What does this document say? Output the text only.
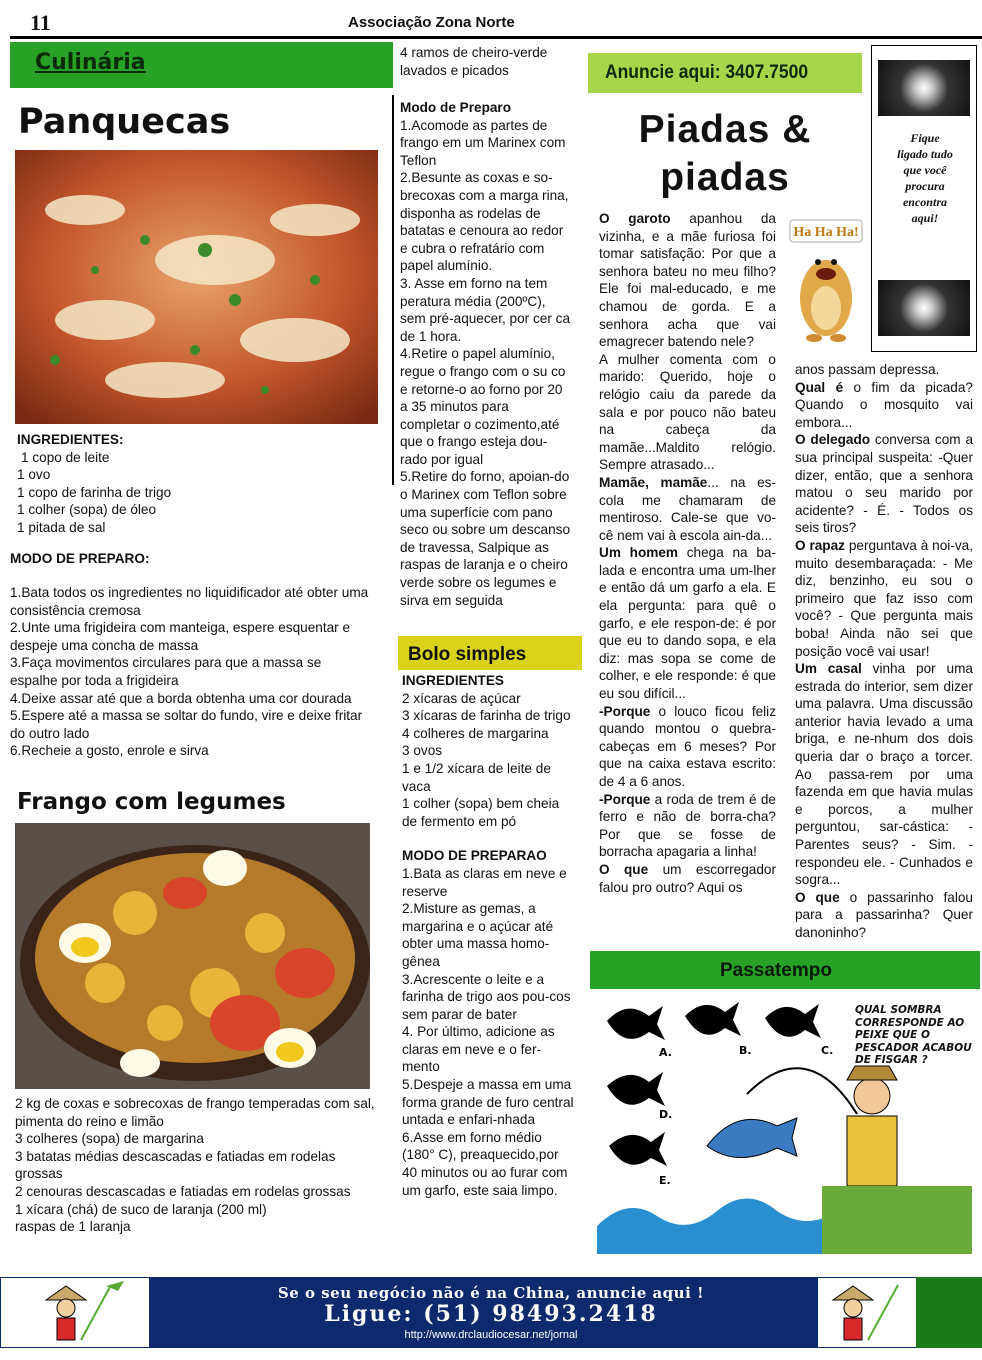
11	Associação Zona Norte
Culinária
Panquecas

INGREDIENTES:

1 copo de leite

1 ovo

1 copo de farinha de trigo

1 colher (sopa) de óleo

1 pitada de sal

MODO DE PREPARO:

1.Bata todos os ingredientes no liquidificador até obter uma consistência cremosa

2.Unte uma frigideira com manteiga, espere esquentar e despeje uma concha de massa

3.Faça movimentos circulares para que a massa se espalhe por toda a frigideira

4.Deixe assar até que a borda obtenha uma cor dourada

5.Espere até a massa se soltar do fundo, vire e deixe fritar do outro lado

6.Recheie a gosto, enrole e sirva

Frango com legumes

2 kg de coxas e sobrecoxas de frango temperadas com sal, pimenta do reino e limão

3 colheres (sopa) de margarina

3 batatas médias descascadas e fatiadas em rodelas grossas

2 cenouras descascadas e fatiadas em rodelas grossas

1 xícara (chá) de suco de laranja (200 ml)

raspas de 1 laranja

4 ramos de cheiro-verde lavados e picados

Modo de Preparo

1.Acomode as partes de frango em um Marinex com Teflon

2.Besunte as coxas e so-brecoxas com a marga rina, disponha as rodelas de batatas e cenoura ao redor e cubra o refratário com papel alumínio.

3. Asse em forno na tem peratura média (200ºC), sem pré-aquecer, por cer ca de 1 hora.

4.Retire o papel alumínio, regue o frango com o su co e retorne-o ao forno por 20 a 35 minutos para completar o cozimento,até que o frango esteja dou-rado por igual

5.Retire do forno, apoian-do o Marinex com Teflon sobre uma superfície com pano seco ou sobre um descanso de travessa, Salpique as raspas de laranja e o cheiro verde sobre os legumes e sirva em seguida

Bolo simples

INGREDIENTES

2 xícaras de açúcar

3 xícaras de farinha de trigo

4 colheres de margarina

3 ovos

1 e 1/2 xícara de leite de vaca

1 colher (sopa) bem cheia de fermento em pó

MODO DE PREPARAO

1.Bata as claras em neve e reserve

2.Misture as gemas, a margarina e o açúcar até obter uma massa homo-gênea

3.Acrescente o leite e a farinha de trigo aos pou-cos sem parar de bater

4. Por último, adicione as claras em neve e o fer-mento

5.Despeje a massa em uma forma grande de furo central untada e enfari-nhada

6.Asse em forno médio (180° C), preaquecido,por 40 minutos ou ao furar com um garfo, este saia limpo.

Anuncie aqui: 3407.7500
Fique ligado tudo que você procura encontra aqui!
Piadas & piadas
Ha Ha Ha!

O garoto apanhou da vizinha, e a mãe furiosa foi tomar satisfação: Por que a senhora bateu no meu filho? Ele foi mal-educado, e me chamou de gorda. E a senhora acha que vai emagrecer batendo nele?

A mulher comenta com o marido: Querido, hoje o relógio caiu da parede da sala e por pouco não bateu na cabeça da mamãe...Maldito relógio. Sempre atrasado...

Mamãe, mamãe... na es-cola me chamaram de mentiroso. Cale-se que vo-cê nem vai à escola ain-da...

Um homem chega na ba-lada e encontra uma um-lher e então dá um garfo a ela. E ela pergunta: para quê o garfo, e ele respon-de: é por que eu to dando sopa, e ela diz: mas sopa se come de colher, e ele responde: é que eu sou difícil...

-Porque o louco ficou feliz quando montou o quebra-cabeças em 6 meses? Por que na caixa estava escrito: de 4 a 6 anos.

-Porque a roda de trem é de ferro e não de borra-cha? Por que se fosse de borracha apagaria a linha!

O que um escorregador falou pro outro? Aqui os

anos passam depressa.

Qual é o fim da picada? Quando o mosquito vai embora...

O delegado conversa com a sua principal suspeita: -Quer dizer, então, que a senhora matou o seu marido por acidente? - É. - Todos os seis tiros?

O rapaz perguntava à noi-va, muito desembaraçada: - Me diz, benzinho, eu sou o primeiro que faz isso com você? - Que pergunta mais boba! Ainda não sei que posição você vai usar!

Um casal vinha por uma estrada do interior, sem dizer uma palavra. Uma discussão anterior havia levado a uma briga, e ne-nhum dos dois queria dar o braço a torcer. Ao passa-rem por uma fazenda em que havia mulas e porcos, a mulher perguntou, sar-cástica: - Parentes seus? - Sim. - respondeu ele. - Cunhados e sogra...

O que o passarinho falou para a passarinha? Quer danoninho?

Passatempo
A.	B.	C.
D.
E.
QUAL SOMBRA CORRESPONDE AO PEIXE QUE O PESCADOR ACABOU DE FISGAR ?
Se o seu negócio não é na China, anuncie aqui !
Ligue: (51) 98493.2418
http://www.drclaudiocesar.net/jornal
